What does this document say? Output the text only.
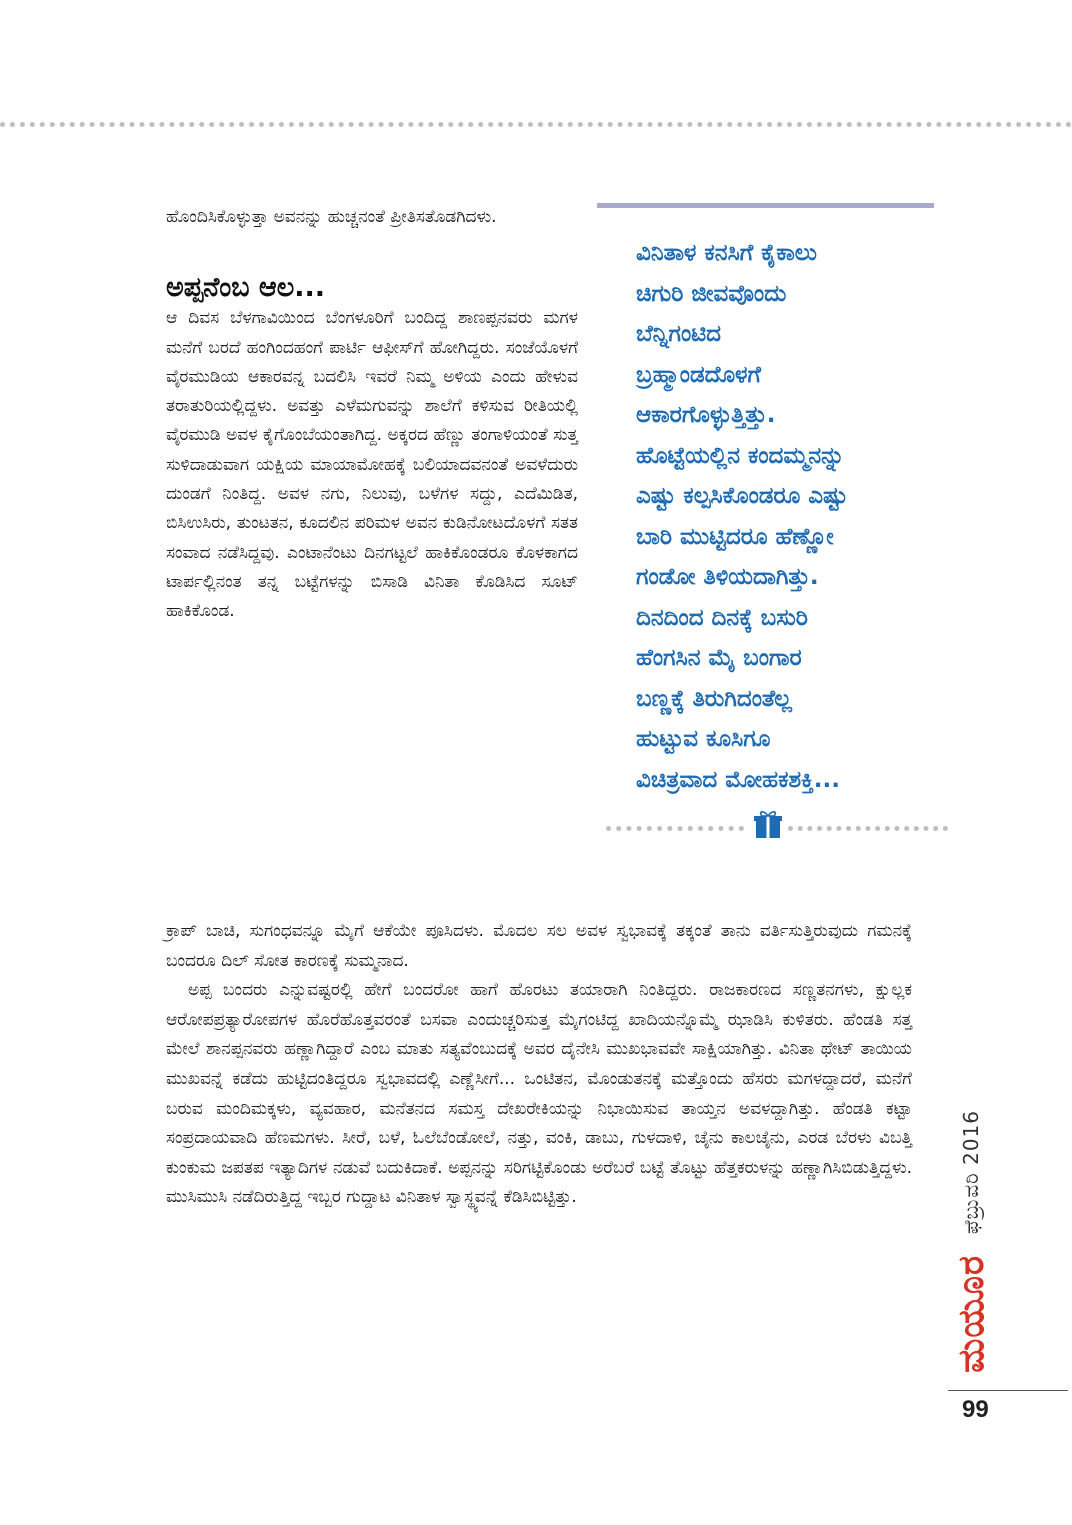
ಹೊಂದಿಸಿಕೊಳ್ಳುತ್ತಾ ಅವನನ್ನು ಹುಚ್ಚನಂತೆ ಪ್ರೀತಿಸತೊಡಗಿದಳು.

ಅಪ್ಪನೆಂಬ ಆಲ...

ಆ ದಿವಸ ಬೆಳಗಾವಿಯಿಂದ ಬೆಂಗಳೂರಿಗೆ ಬಂದಿದ್ದ ಶಾಣಪ್ಪನವರು ಮಗಳ ಮನೆಗೆ ಬರದೆ ಹಂಗಿಂದಹಂಗೆ ಪಾರ್ಟಿ ಆಫೀಸ್‌ಗೆ ಹೋಗಿದ್ದರು. ಸಂಜೆಯೊಳಗೆ ವೈರಮುಡಿಯ ಆಕಾರವನ್ನ ಬದಲಿಸಿ ಇವರೆ ನಿಮ್ಮ ಅಳಿಯ ಎಂದು ಹೇಳುವ ತರಾತುರಿಯಲ್ಲಿದ್ದಳು. ಅವತ್ತು ಎಳೆಮಗುವನ್ನು ಶಾಲೆಗೆ ಕಳಿಸುವ ರೀತಿಯಲ್ಲಿ ವೈರಮುಡಿ ಅವಳ ಕೈಗೊಂಬೆಯಂತಾಗಿದ್ದ. ಅಕ್ಕರದ ಹೆಣ್ಣು ತಂಗಾಳಿಯಂತೆ ಸುತ್ತ ಸುಳಿದಾಡುವಾಗ ಯಕ್ಷಿಯ ಮಾಯಾಮೋಹಕ್ಕೆ ಬಲಿಯಾದವನಂತೆ ಅವಳೆದುರು ದುಂಡಗೆ ನಿಂತಿದ್ದ. ಅವಳ ನಗು, ನಿಲುವು, ಬಳೆಗಳ ಸದ್ದು, ಎದೆಮಿಡಿತ, ಬಿಸಿಉಸಿರು, ತುಂಟತನ, ಕೂದಲಿನ ಪರಿಮಳ ಅವನ ಕುಡಿನೋಟದೊಳಗೆ ಸತತ ಸಂವಾದ ನಡೆಸಿದ್ದವು. ಎಂಟಾನೆಂಟು ದಿನಗಟ್ಟಲೆ ಹಾಕಿಕೊಂಡರೂ ಕೊಳಕಾಗದ ಟಾರ್ಪಲ್ಲಿನಂತ ತನ್ನ ಬಟ್ಟೆಗಳನ್ನು ಬಿಸಾಡಿ ವಿನಿತಾ ಕೊಡಿಸಿದ ಸೂಟ್ ಹಾಕಿಕೊಂಡ.

ವಿನಿತಾಳ ಕನಸಿಗೆ ಕೈಕಾಲು

ಚಿಗುರಿ ಜೀವವೊಂದು

ಬೆನ್ನಿಗಂಟಿದ

ಬ್ರಹ್ಮಾಂಡದೊಳಗೆ

ಆಕಾರಗೊಳ್ಳುತ್ತಿತ್ತು.

ಹೊಟ್ಟೆಯಲ್ಲಿನ ಕಂದಮ್ಮನನ್ನು

ಎಷ್ಟು ಕಲ್ಪಸಿಕೊಂಡರೂ ಎಷ್ಟು

ಬಾರಿ ಮುಟ್ಟಿದರೂ ಹೆಣ್ಣೋ

ಗಂಡೋ ತಿಳಿಯದಾಗಿತ್ತು.

ದಿನದಿಂದ ದಿನಕ್ಕೆ ಬಸುರಿ

ಹೆಂಗಸಿನ ಮೈ ಬಂಗಾರ

ಬಣ್ಣಕ್ಕೆ ತಿರುಗಿದಂತೆಲ್ಲ

ಹುಟ್ಟುವ ಕೂಸಿಗೂ

ವಿಚಿತ್ರವಾದ ಮೋಹಕಶಕ್ತಿ...

ಕ್ರಾಪ್ ಬಾಚಿ, ಸುಗಂಧವನ್ನೂ ಮೈಗೆ ಆಕೆಯೇ ಪೂಸಿದಳು. ಮೊದಲ ಸಲ ಅವಳ ಸ್ವಭಾವಕ್ಕೆ ತಕ್ಕಂತೆ ತಾನು ವರ್ತಿಸುತ್ತಿರುವುದು ಗಮನಕ್ಕೆ ಬಂದರೂ ದಿಲ್ ಸೋತ ಕಾರಣಕ್ಕೆ ಸುಮ್ಮನಾದ.

ಅಪ್ಪ ಬಂದರು ಎನ್ನುವಷ್ಟರಲ್ಲಿ ಹೇಗೆ ಬಂದರೋ ಹಾಗೆ ಹೊರಟು ತಯಾರಾಗಿ ನಿಂತಿದ್ದರು. ರಾಜಕಾರಣದ ಸಣ್ಣತನಗಳು, ಕ್ಷುಲ್ಲಕ ಆರೋಪಪ್ರತ್ಯಾರೋಪಗಳ ಹೊರೆಹೊತ್ತವರಂತೆ ಬಸವಾ ಎಂದುಚ್ಚರಿಸುತ್ತ ಮೈಗಂಟಿದ್ದ ಖಾದಿಯನ್ನೊಮ್ಮೆ ಝಾಡಿಸಿ ಕುಳಿತರು. ಹೆಂಡತಿ ಸತ್ತ ಮೇಲೆ ಶಾನಪ್ಪನವರು ಹಣ್ಣಾಗಿದ್ದಾರೆ ಎಂಬ ಮಾತು ಸತ್ಯವೆಂಬುದಕ್ಕೆ ಅವರ ದೈನೇಸಿ ಮುಖಭಾವವೇ ಸಾಕ್ಷಿಯಾಗಿತ್ತು. ವಿನಿತಾ ಥೇಟ್ ತಾಯಿಯ ಮುಖವನ್ನೆ ಕಡೆದು ಹುಟ್ಟಿದಂತಿದ್ದರೂ ಸ್ವಭಾವದಲ್ಲಿ ಎಣ್ಣೆಸೀಗೆ... ಒಂಟಿತನ, ಮೊಂಡುತನಕ್ಕೆ ಮತ್ತೊಂದು ಹೆಸರು ಮಗಳದ್ದಾದರೆ, ಮನೆಗೆ ಬರುವ ಮಂದಿಮಕ್ಕಳು, ವ್ಯವಹಾರ, ಮನೆತನದ ಸಮಸ್ತ ದೇಖರೇಕಿಯನ್ನು ನಿಭಾಯಿಸುವ ತಾಯ್ತನ ಅವಳದ್ದಾಗಿತ್ತು. ಹೆಂಡತಿ ಕಟ್ಟಾ ಸಂಪ್ರದಾಯವಾದಿ ಹೆಣಮಗಳು. ಸೀರೆ, ಬಳೆ, ಓಲೆಬೆಂಡೋಲೆ, ನತ್ತು, ವಂಕಿ, ಡಾಬು, ಗುಳದಾಳಿ, ಚೈನು ಕಾಲಚೈನು, ಎರಡ ಬೆರಳು ವಿಬತ್ತಿ ಕುಂಕುಮ ಜಪತಪ ಇತ್ಯಾದಿಗಳ ನಡುವೆ ಬದುಕಿದಾಕೆ. ಅಪ್ಪನನ್ನು ಸರಿಗಟ್ಟಿಕೊಂಡು ಅರೆಬರೆ ಬಟ್ಟೆ ತೊಟ್ಟು ಹೆತ್ತಕರುಳನ್ನು ಹಣ್ಣಾಗಿಸಿಬಿಡುತ್ತಿದ್ದಳು. ಮುಸಿಮುಸಿ ನಡೆದಿರುತ್ತಿದ್ದ ಇಬ್ಬರ ಗುದ್ದಾಟ ವಿನಿತಾಳ ಸ್ವಾಸ್ಥ್ಯವನ್ನೆ ಕೆಡಿಸಿಬಿಟ್ಟಿತ್ತು.	ಫೆಬ್ರುವರಿ 2016
ಮಯೂರ
99
